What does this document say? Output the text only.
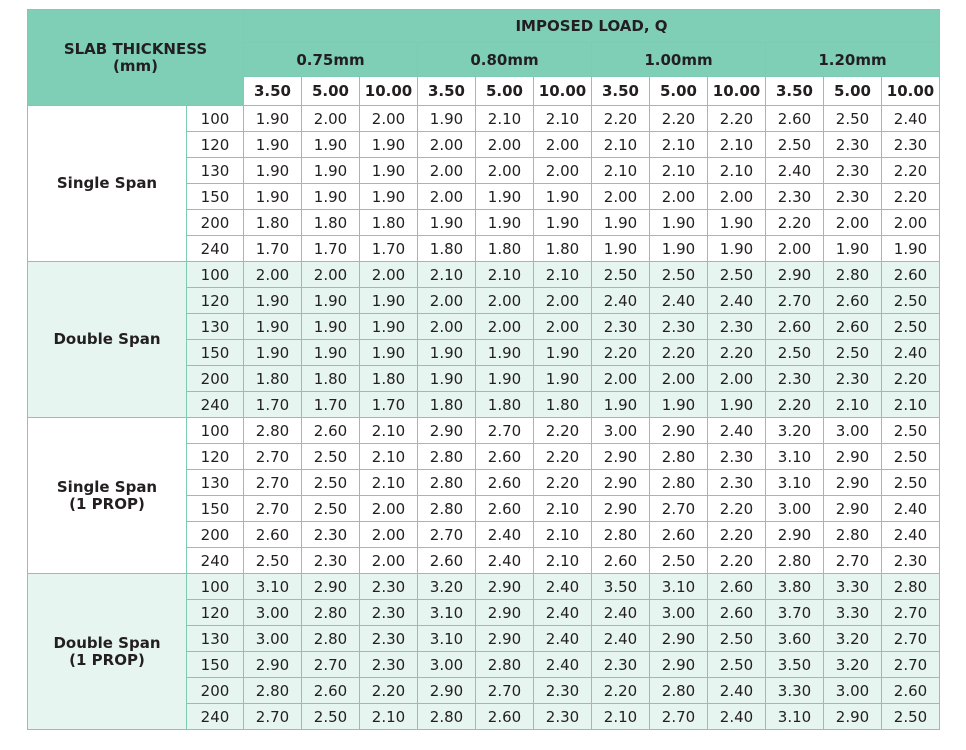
SLAB THICKNESS
(mm)		IMPOSED LOAD, Q											
		0.75mm			0.80mm			1.00mm			1.20mm		
		3.50	5.00	10.00	3.50	5.00	10.00	3.50	5.00	10.00	3.50	5.00	10.00

Single Span	100	1.90	2.00	2.00	1.90	2.10	2.10	2.20	2.20	2.20	2.60	2.50	2.40
	120	1.90	1.90	1.90	2.00	2.00	2.00	2.10	2.10	2.10	2.50	2.30	2.30
	130	1.90	1.90	1.90	2.00	2.00	2.00	2.10	2.10	2.10	2.40	2.30	2.20
	150	1.90	1.90	1.90	2.00	1.90	1.90	2.00	2.00	2.00	2.30	2.30	2.20
	200	1.80	1.80	1.80	1.90	1.90	1.90	1.90	1.90	1.90	2.20	2.00	2.00
	240	1.70	1.70	1.70	1.80	1.80	1.80	1.90	1.90	1.90	2.00	1.90	1.90

Double Span	100	2.00	2.00	2.00	2.10	2.10	2.10	2.50	2.50	2.50	2.90	2.80	2.60
	120	1.90	1.90	1.90	2.00	2.00	2.00	2.40	2.40	2.40	2.70	2.60	2.50
	130	1.90	1.90	1.90	2.00	2.00	2.00	2.30	2.30	2.30	2.60	2.60	2.50
	150	1.90	1.90	1.90	1.90	1.90	1.90	2.20	2.20	2.20	2.50	2.50	2.40
	200	1.80	1.80	1.80	1.90	1.90	1.90	2.00	2.00	2.00	2.30	2.30	2.20
	240	1.70	1.70	1.70	1.80	1.80	1.80	1.90	1.90	1.90	2.20	2.10	2.10

Single Span
(1 PROP)	100	2.80	2.60	2.10	2.90	2.70	2.20	3.00	2.90	2.40	3.20	3.00	2.50
	120	2.70	2.50	2.10	2.80	2.60	2.20	2.90	2.80	2.30	3.10	2.90	2.50
	130	2.70	2.50	2.10	2.80	2.60	2.20	2.90	2.80	2.30	3.10	2.90	2.50
	150	2.70	2.50	2.00	2.80	2.60	2.10	2.90	2.70	2.20	3.00	2.90	2.40
	200	2.60	2.30	2.00	2.70	2.40	2.10	2.80	2.60	2.20	2.90	2.80	2.40
	240	2.50	2.30	2.00	2.60	2.40	2.10	2.60	2.50	2.20	2.80	2.70	2.30

Double Span
(1 PROP)	100	3.10	2.90	2.30	3.20	2.90	2.40	3.50	3.10	2.60	3.80	3.30	2.80
	120	3.00	2.80	2.30	3.10	2.90	2.40	2.40	3.00	2.60	3.70	3.30	2.70
	130	3.00	2.80	2.30	3.10	2.90	2.40	2.40	2.90	2.50	3.60	3.20	2.70
	150	2.90	2.70	2.30	3.00	2.80	2.40	2.30	2.90	2.50	3.50	3.20	2.70
	200	2.80	2.60	2.20	2.90	2.70	2.30	2.20	2.80	2.40	3.30	3.00	2.60
	240	2.70	2.50	2.10	2.80	2.60	2.30	2.10	2.70	2.40	3.10	2.90	2.50
